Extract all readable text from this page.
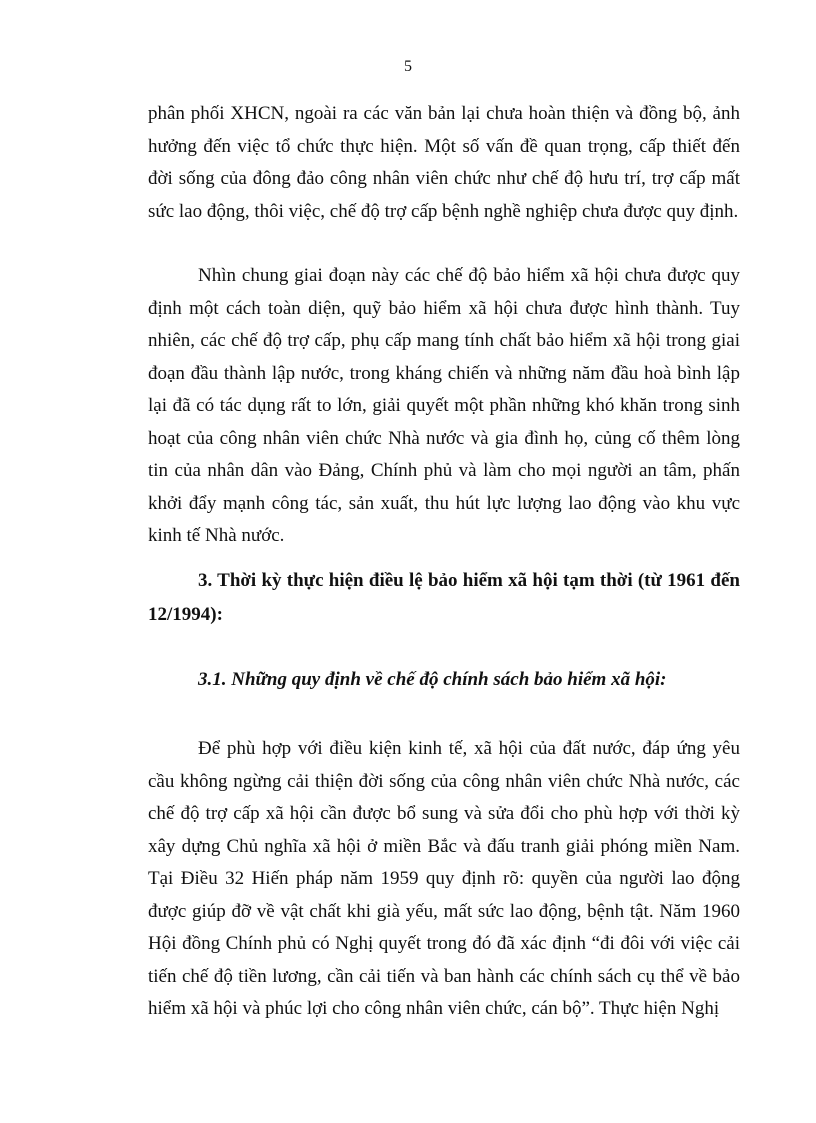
5
phân phối XHCN, ngoài ra các văn bản lại chưa hoàn thiện và đồng bộ, ảnh hưởng đến việc tổ chức thực hiện. Một số vấn đề quan trọng, cấp thiết đến đời sống của đông đảo công nhân viên chức như chế độ hưu trí, trợ cấp mất sức lao động, thôi việc, chế độ trợ cấp bệnh nghề nghiệp chưa được quy định.
Nhìn chung giai đoạn này các chế độ bảo hiểm xã hội chưa được quy định một cách toàn diện, quỹ bảo hiểm xã hội chưa được hình thành. Tuy nhiên, các chế độ trợ cấp, phụ cấp mang tính chất bảo hiểm xã hội trong giai đoạn đầu thành lập nước, trong kháng chiến và những năm đầu hoà bình lập lại đã có tác dụng rất to lớn, giải quyết một phần những khó khăn trong sinh hoạt của công nhân viên chức Nhà nước và gia đình họ, củng cố thêm lòng tin của nhân dân vào Đảng, Chính phủ và làm cho mọi người an tâm, phấn khởi đẩy mạnh công tác, sản xuất, thu hút lực lượng lao động vào khu vực kinh tế Nhà nước.
3. Thời kỳ thực hiện điều lệ bảo hiểm xã hội tạm thời (từ 1961 đến 12/1994):
3.1. Những quy định về chế độ chính sách bảo hiểm xã hội:
Để phù hợp với điều kiện kinh tế, xã hội của đất nước, đáp ứng yêu cầu không ngừng cải thiện đời sống của công nhân viên chức Nhà nước, các chế độ trợ cấp xã hội cần được bổ sung và sửa đổi cho phù hợp với thời kỳ xây dựng Chủ nghĩa xã hội ở miền Bắc và đấu tranh giải phóng miền Nam. Tại Điều 32 Hiến pháp năm 1959 quy định rõ: quyền của người lao động được giúp đỡ về vật chất khi già yếu, mất sức lao động, bệnh tật. Năm 1960 Hội đồng Chính phủ có Nghị quyết trong đó đã xác định “đi đôi với việc cải tiến chế độ tiền lương, cần cải tiến và ban hành các chính sách cụ thể về bảo hiểm xã hội và phúc lợi cho công nhân viên chức, cán bộ”. Thực hiện Nghị
